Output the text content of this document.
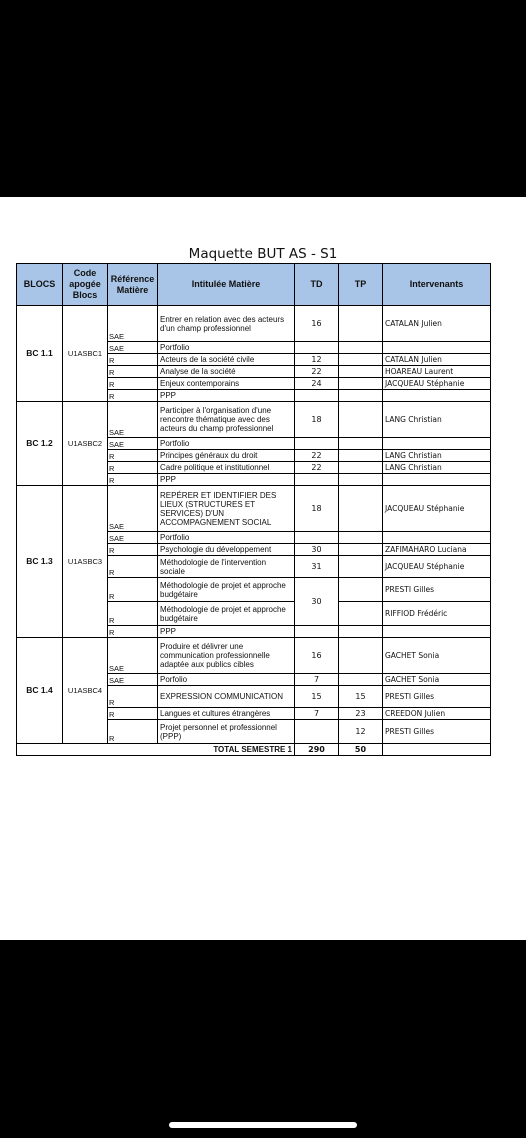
Maquette BUT AS - S1
BLOCS	Code apogée Blocs	Référence Matière	Intitulée Matière	TD	TP	Intervenants
BC 1.1	U1ASBC1	SAE	Entrer en relation avec des acteurs d'un champ professionnel	16		CATALAN Julien
		SAE	Portfolio			
		R	Acteurs de la société civile	12		CATALAN Julien
		R	Analyse de la société	22		HOAREAU Laurent
		R	Enjeux contemporains	24		JACQUEAU Stéphanie
		R	PPP			
BC 1.2	U1ASBC2	SAE	Participer à l'organisation d'une rencontre thématique avec des acteurs du champ professionnel	18		LANG Christian
		SAE	Portfolio			
		R	Principes généraux du droit	22		LANG Christian
		R	Cadre politique et institutionnel	22		LANG Christian
		R	PPP			
BC 1.3	U1ASBC3	SAE	REPÉRER ET IDENTIFIER DES LIEUX (STRUCTURES ET SERVICES) D'UN ACCOMPAGNEMENT SOCIAL	18		JACQUEAU Stéphanie
		SAE	Portfolio			
		R	Psychologie du développement	30		ZAFIMAHARO Luciana
		R	Méthodologie de l'intervention sociale	31		JACQUEAU Stéphanie
		R	Méthodologie de projet et approche budgétaire	30		PRESTI Gilles
		R	Méthodologie de projet et approche budgétaire			RIFFIOD Frédéric
		R	PPP			
BC 1.4	U1ASBC4	SAE	Produire et délivrer une communication professionnelle adaptée aux publics cibles	16		GACHET Sonia
		SAE	Porfolio	7		GACHET Sonia
		R	EXPRESSION COMMUNICATION	15	15	PRESTI Gilles
		R	Langues et cultures étrangères	7	23	CREEDON Julien
		R	Projet personnel et professionnel (PPP)		12	PRESTI Gilles
TOTAL SEMESTRE 1				290	50	
